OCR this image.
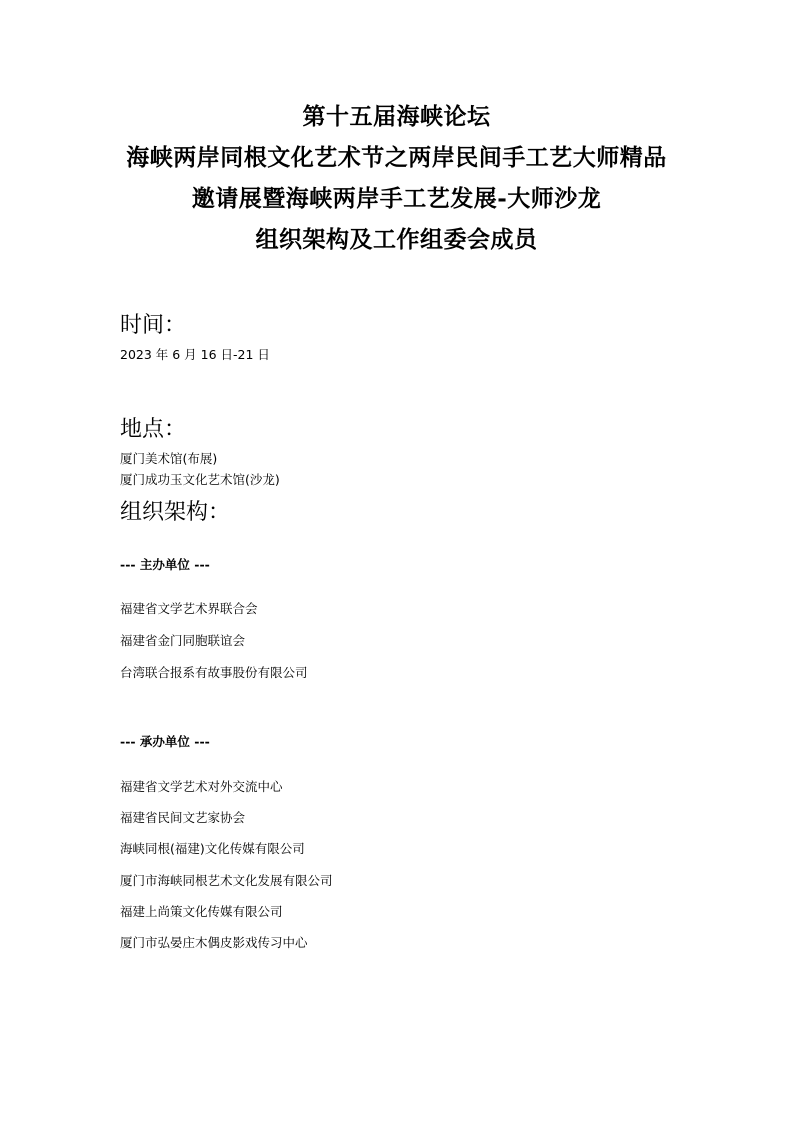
第十五届海峡论坛
海峡两岸同根文化艺术节之两岸民间手工艺大师精品
邀请展暨海峡两岸手工艺发展-大师沙龙
组织架构及工作组委会成员
时间：
2023 年 6 月 16 日-21 日
地点：
厦门美术馆(布展)
厦门成功玉文化艺术馆(沙龙)
组织架构：
--- 主办单位 ---
福建省文学艺术界联合会
福建省金门同胞联谊会
台湾联合报系有故事股份有限公司
--- 承办单位 ---
福建省文学艺术对外交流中心
福建省民间文艺家协会
海峡同根(福建)文化传媒有限公司
厦门市海峡同根艺术文化发展有限公司
福建上尚策文化传媒有限公司
厦门市弘晏庄木偶皮影戏传习中心
